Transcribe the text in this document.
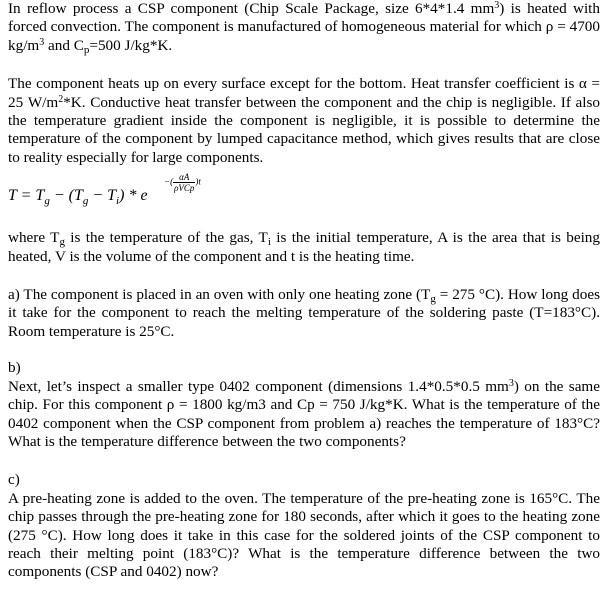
In reflow process a CSP component (Chip Scale Package, size 6*4*1.4 $mm^3$) is heated with forced convection. The component is manufactured of homogeneous material for which ρ = 4700 $kg/m^3$ and Cp=500 J/kg*K.

The component heats up on every surface except for the bottom. Heat transfer coefficient is α = 25 $W/m^2*K$. Conductive heat transfer between the component and the chip is negligible. If also the temperature gradient inside the component is negligible, it is possible to determine the temperature of the component by lumped capacitance method, which gives results that are close to reality especially for large components.

$T = T_g - (T_g - T_i) * e$
−( $\frac{\alpha A}{\text{ρVCp}} )t$

where Tg is the temperature of the gas, Ti is the initial temperature, A is the area that is being heated, V is the volume of the component and t is the heating time.

a) The component is placed in an oven with only one heating zone (Tg = 275 °C). How long does it take for the component to reach the melting temperature of the soldering paste (T=183°C). Room temperature is 25°C.

b)

Next, let’s inspect a smaller type 0402 component (dimensions 1.4*0.5*0.5 $mm^3$) on the same chip. For this component ρ = 1800 kg/m3 and Cp = 750 J/kg*K. What is the temperature of the 0402 component when the CSP component from problem a) reaches the temperature of 183°C? What is the temperature difference between the two components?

c)

A pre-heating zone is added to the oven. The temperature of the pre-heating zone is 165°C. The chip passes through the pre-heating zone for 180 seconds, after which it goes to the heating zone (275 °C). How long does it take in this case for the soldered joints of the CSP component to reach their melting point (183°C)? What is the temperature difference between the two components (CSP and 0402) now?
